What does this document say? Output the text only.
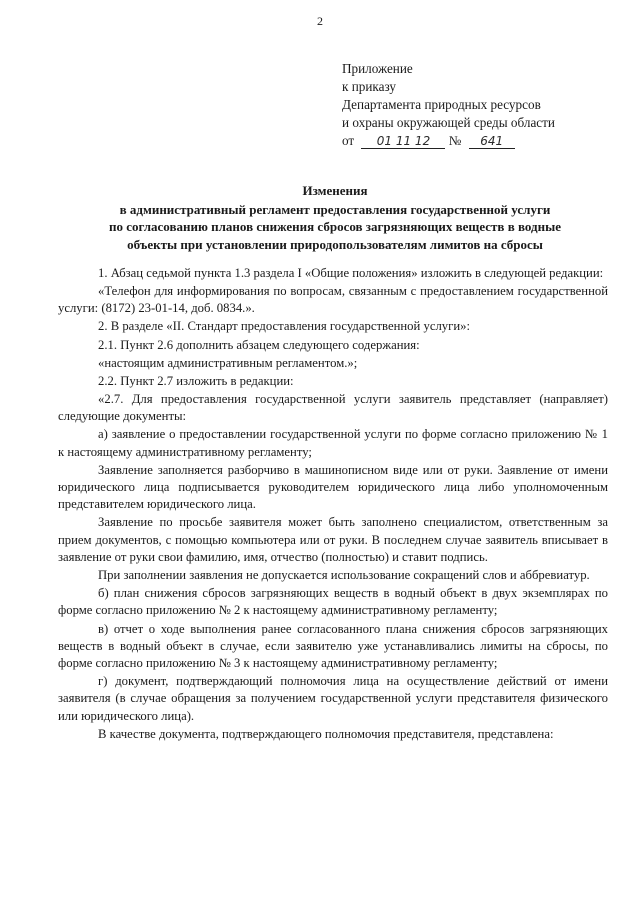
2
Приложение
к приказу
Департамента природных ресурсов
и охраны окружающей среды области
от 01 11 12 № 641
Изменения
в административный регламент предоставления государственной услуги
по согласованию планов снижения сбросов загрязняющих веществ в водные
объекты при установлении природопользователям лимитов на сбросы

1. Абзац седьмой пункта 1.3 раздела I «Общие положения» изложить в следующей редакции:

«Телефон для информирования по вопросам, связанным с предоставлением государственной услуги: (8172) 23-01-14, доб. 0834.».

2. В разделе «II. Стандарт предоставления государственной услуги»:

2.1. Пункт 2.6 дополнить абзацем следующего содержания:

«настоящим административным регламентом.»;

2.2. Пункт 2.7 изложить в редакции:

«2.7. Для предоставления государственной услуги заявитель представляет (направляет) следующие документы:

а) заявление о предоставлении государственной услуги по форме согласно приложению № 1 к настоящему административному регламенту;

Заявление заполняется разборчиво в машинописном виде или от руки. Заявление от имени юридического лица подписывается руководителем юридического лица либо уполномоченным представителем юридического лица.

Заявление по просьбе заявителя может быть заполнено специалистом, ответственным за прием документов, с помощью компьютера или от руки. В последнем случае заявитель вписывает в заявление от руки свои фамилию, имя, отчество (полностью) и ставит подпись.

При заполнении заявления не допускается использование сокращений слов и аббревиатур.

б) план снижения сбросов загрязняющих веществ в водный объект в двух экземплярах по форме согласно приложению № 2 к настоящему административному регламенту;

в) отчет о ходе выполнения ранее согласованного плана снижения сбросов загрязняющих веществ в водный объект в случае, если заявителю уже устанавливались лимиты на сбросы, по форме согласно приложению № 3 к настоящему административному регламенту;

г) документ, подтверждающий полномочия лица на осуществление действий от имени заявителя (в случае обращения за получением государственной услуги представителя физического или юридического лица).

В качестве документа, подтверждающего полномочия представителя, представлена:
